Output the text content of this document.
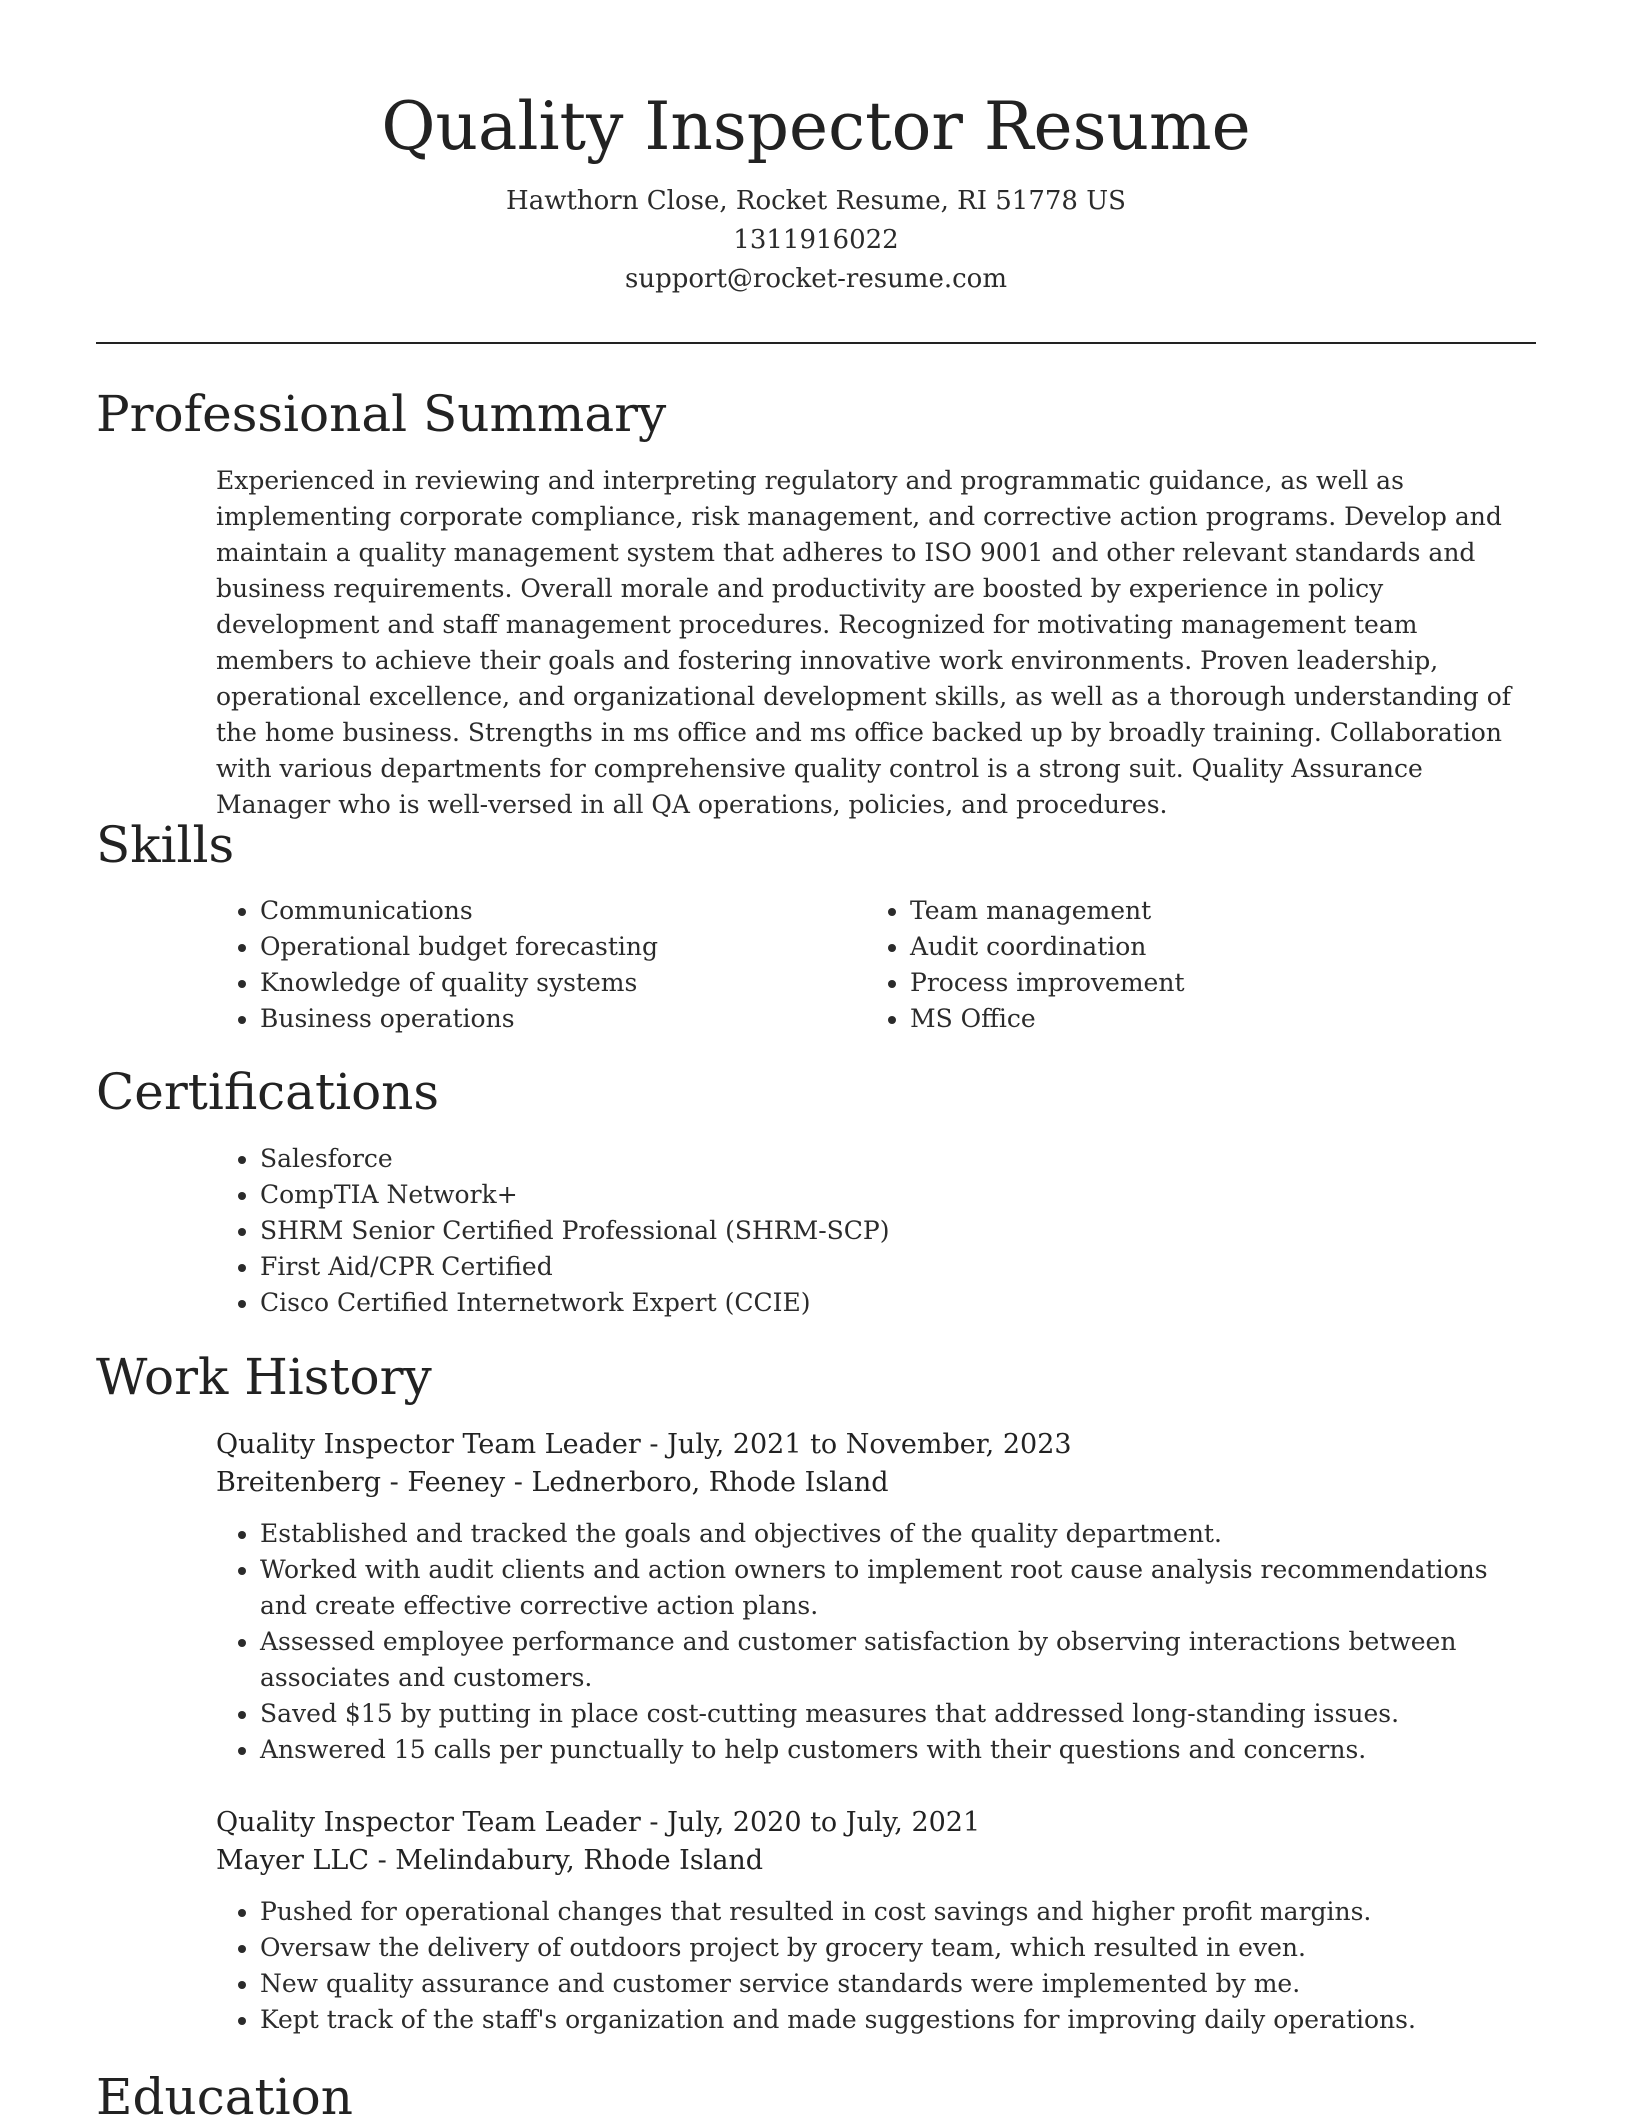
Quality Inspector Resume

Hawthorn Close, Rocket Resume, RI 51778 US

1311916022

support@rocket-resume.com

Professional Summary

Experienced in reviewing and interpreting regulatory and programmatic guidance, as well as implementing corporate compliance, risk management, and corrective action programs. Develop and maintain a quality management system that adheres to ISO 9001 and other relevant standards and business requirements. Overall morale and productivity are boosted by experience in policy development and staff management procedures. Recognized for motivating management team members to achieve their goals and fostering innovative work environments. Proven leadership, operational excellence, and organizational development skills, as well as a thorough understanding of the home business. Strengths in ms office and ms office backed up by broadly training. Collaboration with various departments for comprehensive quality control is a strong suit. Quality Assurance Manager who is well-versed in all QA operations, policies, and procedures.

Skills
• Communications
• Operational budget forecasting
• Knowledge of quality systems
• Business operations
• Team management
• Audit coordination
• Process improvement
• MS Office
Certifications
• Salesforce
• CompTIA Network+
• SHRM Senior Certified Professional (SHRM-SCP)
• First Aid/CPR Certified
• Cisco Certified Internetwork Expert (CCIE)
Work History

Quality Inspector Team Leader - July, 2021 to November, 2023

Breitenberg - Feeney - Lednerboro, Rhode Island

• Established and tracked the goals and objectives of the quality department.
• Worked with audit clients and action owners to implement root cause analysis recommendations and create effective corrective action plans.
• Assessed employee performance and customer satisfaction by observing interactions between associates and customers.
• Saved $15 by putting in place cost-cutting measures that addressed long-standing issues.
• Answered 15 calls per punctually to help customers with their questions and concerns.

Quality Inspector Team Leader - July, 2020 to July, 2021

Mayer LLC - Melindabury, Rhode Island

• Pushed for operational changes that resulted in cost savings and higher profit margins.
• Oversaw the delivery of outdoors project by grocery team, which resulted in even.
• New quality assurance and customer service standards were implemented by me.
• Kept track of the staff's organization and made suggestions for improving daily operations.
Education
